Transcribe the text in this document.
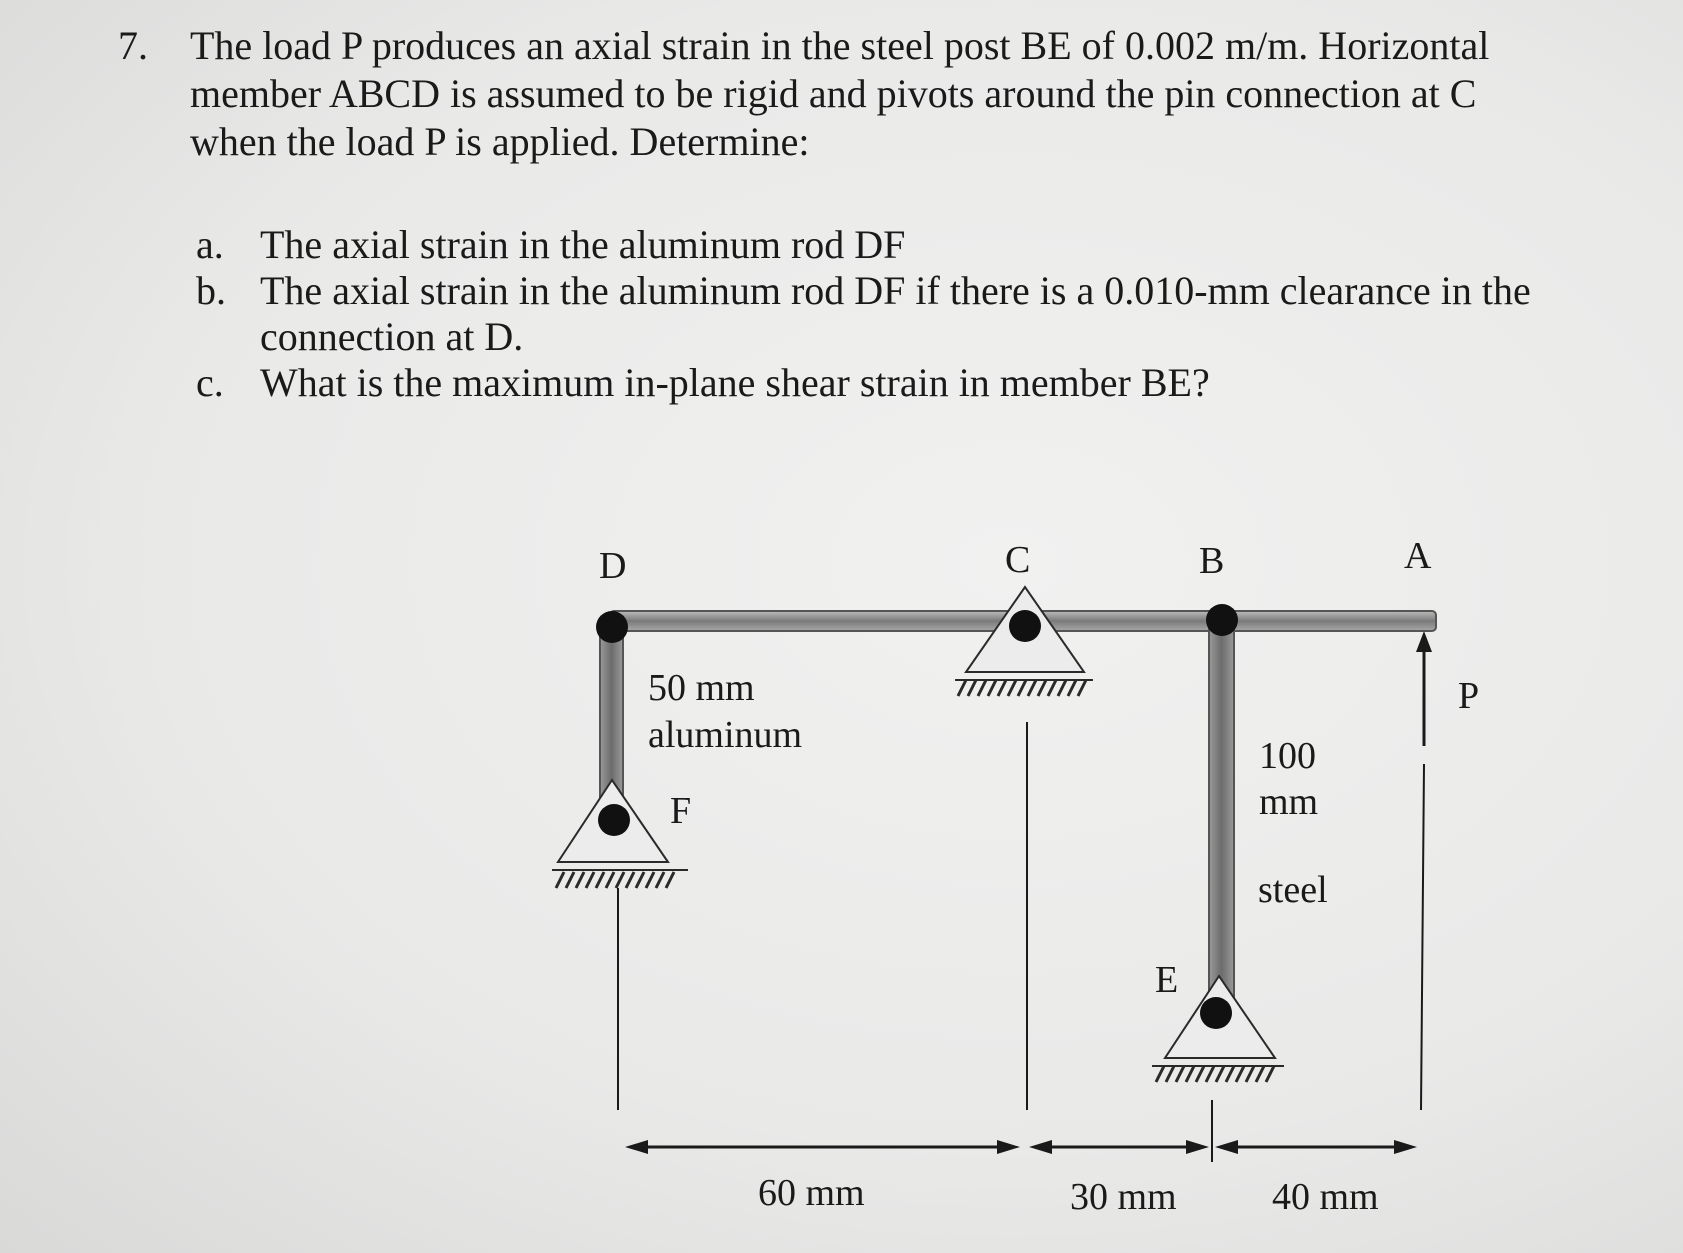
7. The load P produces an axial strain in the steel post BE of 0.002 m/m. Horizontal
member ABCD is assumed to be rigid and pivots around the pin connection at C
when the load P is applied. Determine:
a. The axial strain in the aluminum rod DF
b. The axial strain in the aluminum rod DF if there is a 0.010-mm clearance in the
connection at D.
c. What is the maximum in-plane shear strain in member BE?
D	C	B	A
F
E
P
50 mm
aluminum	100
mm
steel
60 mm	30 mm	40 mm
